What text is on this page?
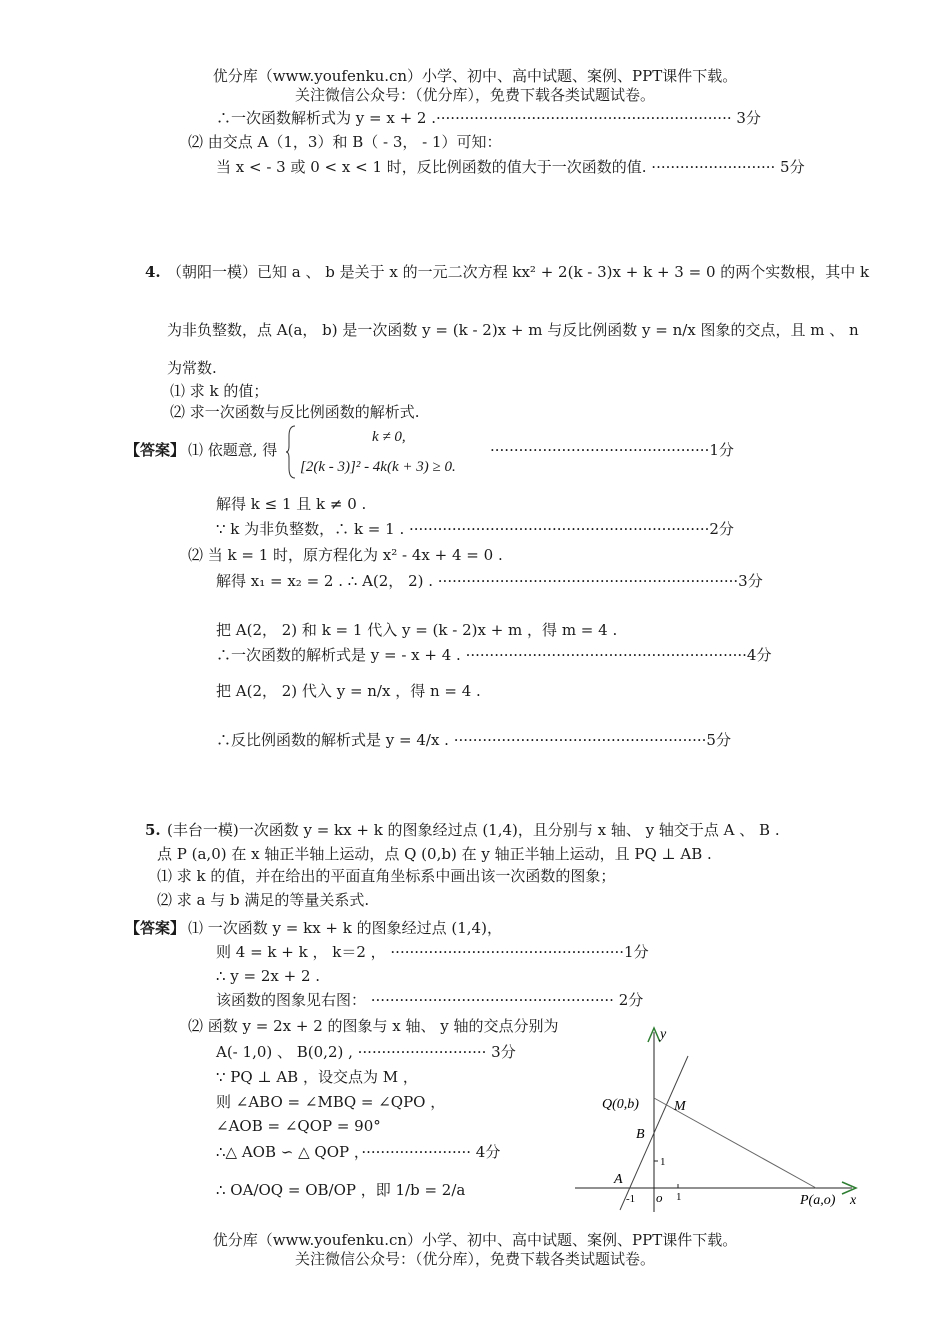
优分库（www.youfenku.cn）小学、初中、高中试题、案例、PPT课件下载。
关注微信公众号：（优分库），免费下载各类试题试卷。
∴一次函数解析式为 y = x + 2 .······························································ 3分
⑵ 由交点 A（1，3）和 B（ - 3， - 1）可知：
当 x < - 3 或 0 < x < 1 时，反比例函数的值大于一次函数的值. ·························· 5分
4. （朝阳一模）已知 a 、 b 是关于 x 的一元二次方程 kx² + 2(k - 3)x + k + 3 = 0 的两个实数根，其中 k
为非负整数，点 A(a， b) 是一次函数 y = (k - 2)x + m 与反比例函数 y = n/x 图象的交点，且 m 、 n
为常数.
⑴ 求 k 的值；
⑵ 求一次函数与反比例函数的解析式.
【答案】 ⑴ 依题意, 得
k ≠ 0,
[2(k - 3)]² - 4k(k + 3) ≥ 0.
··············································1分
解得 k ≤ 1 且 k ≠ 0 .
∵ k 为非负整数，∴ k = 1 . ·······························································2分
⑵ 当 k = 1 时，原方程化为 x² - 4x + 4 = 0 .
解得 x₁ = x₂ = 2 . ∴ A(2， 2) . ·······························································3分
把 A(2， 2) 和 k = 1 代入 y = (k - 2)x + m ，得 m = 4 .
∴一次函数的解析式是 y = - x + 4 . ···························································4分
把 A(2， 2) 代入 y = n/x ，得 n = 4 .
∴反比例函数的解析式是 y = 4/x . ·····················································5分
5. (丰台一模)一次函数 y = kx + k 的图象经过点 (1,4)，且分别与 x 轴、 y 轴交于点 A 、 B .
点 P (a,0) 在 x 轴正半轴上运动，点 Q (0,b) 在 y 轴正半轴上运动，且 PQ ⊥ AB .
⑴ 求 k 的值，并在给出的平面直角坐标系中画出该一次函数的图象；
⑵ 求 a 与 b 满足的等量关系式.
【答案】 ⑴ 一次函数 y = kx + k 的图象经过点 (1,4)，
则 4 = k + k ， k＝2 ， ·················································1分
∴ y = 2x + 2 .
该函数的图象见右图： ··················································· 2分
⑵ 函数 y = 2x + 2 的图象与 x 轴、 y 轴的交点分别为
A(- 1,0) 、 B(0,2) , ··························· 3分
∵ PQ ⊥ AB ，设交点为 M ，
则 ∠ABO = ∠MBQ = ∠QPO ，
∠AOB = ∠QOP = 90°
∴△ AOB ∽ △ QOP ，······················· 4分
∴ OA/OQ = OB/OP ，即 1/b = 2/a
y
x
Q(0,b)	M
B
A
P(a,o)
o
1
-1	1
优分库（www.youfenku.cn）小学、初中、高中试题、案例、PPT课件下载。
关注微信公众号：（优分库），免费下载各类试题试卷。
